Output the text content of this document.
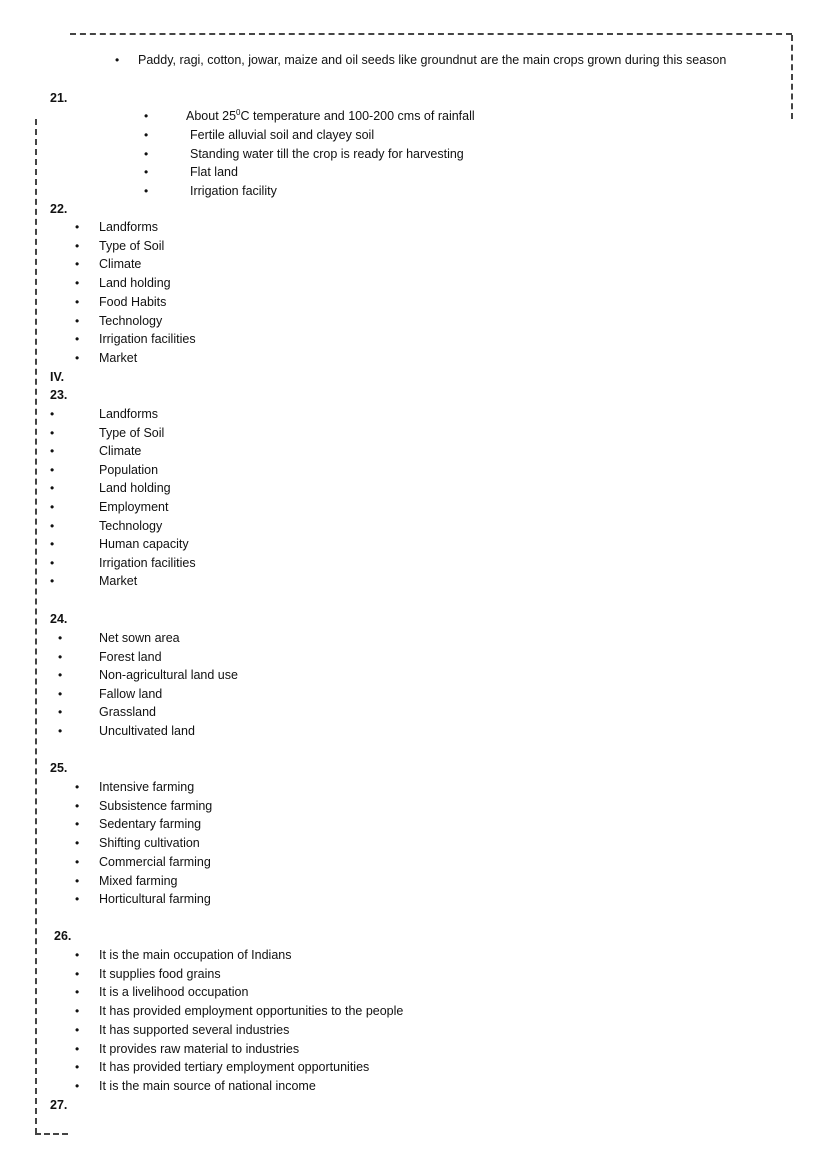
• Paddy, ragi, cotton, jowar, maize and oil seeds like groundnut are the main crops grown during this season
21.
•	About $25^0C$ temperature and 100-200 cms of rainfall
22.
IV.
23.
24.
25.
26.
27.
•	Fertile alluvial soil and clayey soil
•	Standing water till the crop is ready for harvesting
•	Flat land
•	Irrigation facility
• Landforms
• Type of Soil
• Climate
• Land holding
• Food Habits
• Technology
• Irrigation facilities
• Market
•	Landforms
•	Type of Soil
•	Climate
•	Population
•	Land holding
•	Employment
•	Technology
•	Human capacity
•	Irrigation facilities
•	Market
•	Net sown area
•	Forest land
•	Non-agricultural land use
•	Fallow land
•	Grassland
•	Uncultivated land
• Intensive farming
• Subsistence farming
• Sedentary farming
• Shifting cultivation
• Commercial farming
• Mixed farming
• Horticultural farming
• It is the main occupation of Indians
• It supplies food grains
• It is a livelihood occupation
• It has provided employment opportunities to the people
• It has supported several industries
• It provides raw material to industries
• It has provided tertiary employment opportunities
• It is the main source of national income
